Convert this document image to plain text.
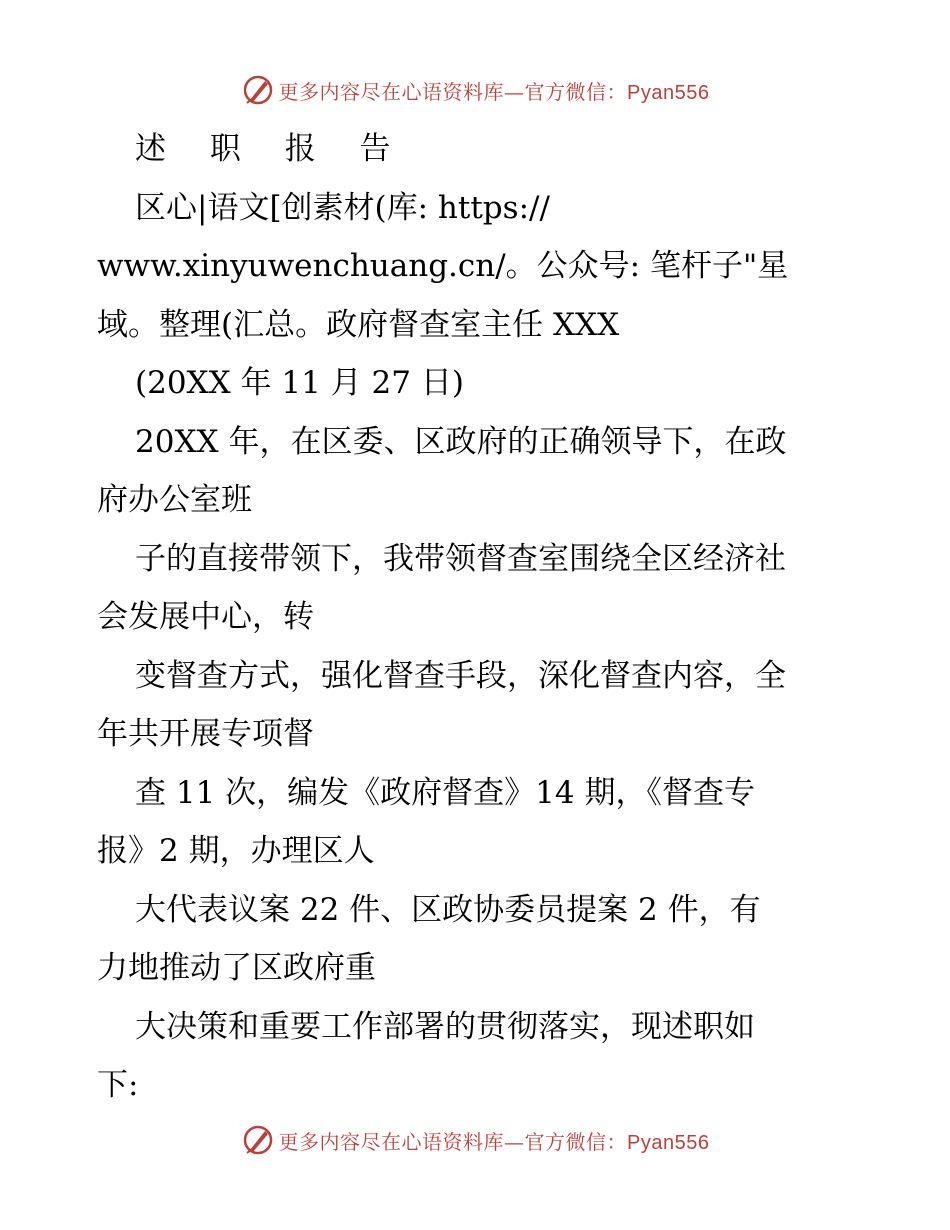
更多内容尽在心语资料库—官方微信：Pyan556
述 职 报 告
区心|语文[创素材(库: https://
www.xinyuwenchuang.cn/。公众号: 笔杆子"星
域。整理(汇总。政府督查室主任 XXX
(20XX 年 11 月 27 日)
20XX 年，在区委、区政府的正确领导下，在政
府办公室班
子的直接带领下，我带领督查室围绕全区经济社
会发展中心，转
变督查方式，强化督查手段，深化督查内容，全
年共开展专项督
查 11 次，编发《政府督查》14 期，《督查专
报》2 期，办理区人
大代表议案 22 件、区政协委员提案 2 件，有
力地推动了区政府重
大决策和重要工作部署的贯彻落实，现述职如
下:
更多内容尽在心语资料库—官方微信：Pyan556
